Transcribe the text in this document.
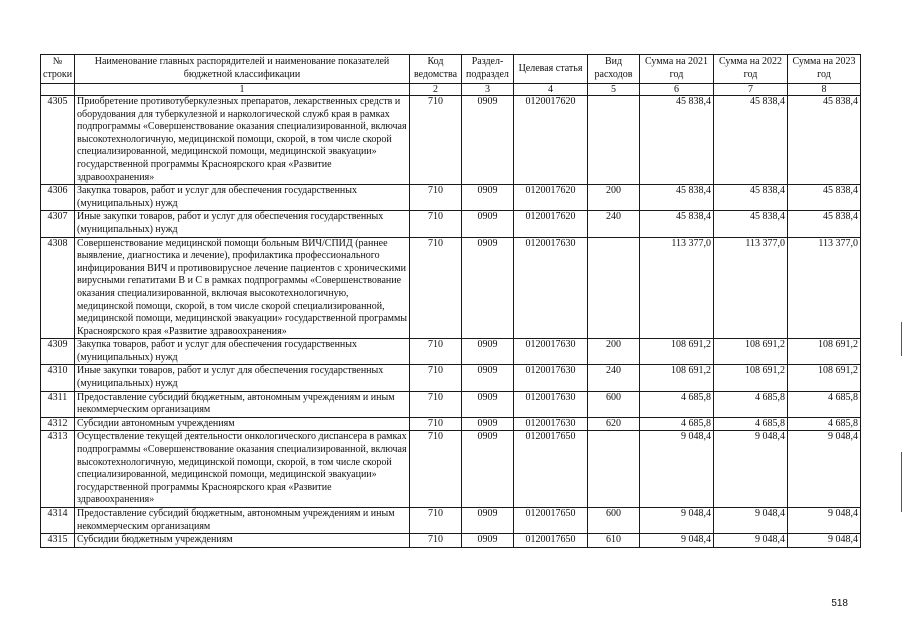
№ строки	Наименование главных распорядителей и наименование показателей бюджетной классификации	Код ведомства	Раздел-подраздел	Целевая статья	Вид расходов	Сумма на 2021 год	Сумма на 2022 год	Сумма на 2023 год
	1	2	3	4	5	6	7	8
4305	Приобретение противотуберкулезных препаратов, лекарственных средств и оборудования для туберкулезной и наркологической служб края в рамках подпрограммы «Совершенствование оказания специализированной, включая высокотехнологичную, медицинской помощи, скорой, в том числе скорой специализированной, медицинской помощи, медицинской эвакуации» государственной программы Красноярского края «Развитие здравоохранения»	710	0909	0120017620		45 838,4	45 838,4	45 838,4
4306	Закупка товаров, работ и услуг для обеспечения государственных (муниципальных) нужд	710	0909	0120017620	200	45 838,4	45 838,4	45 838,4
4307	Иные закупки товаров, работ и услуг для обеспечения государственных (муниципальных) нужд	710	0909	0120017620	240	45 838,4	45 838,4	45 838,4
4308	Совершенствование медицинской помощи больным ВИЧ/СПИД (раннее выявление, диагностика и лечение), профилактика профессионального инфицирования ВИЧ и противовирусное лечение пациентов с хроническими вирусными гепатитами В и С в рамках подпрограммы «Совершенствование оказания специализированной, включая высокотехнологичную, медицинской помощи, скорой, в том числе скорой специализированной, медицинской помощи, медицинской эвакуации» государственной программы Красноярского края «Развитие здравоохранения»	710	0909	0120017630		113 377,0	113 377,0	113 377,0
4309	Закупка товаров, работ и услуг для обеспечения государственных (муниципальных) нужд	710	0909	0120017630	200	108 691,2	108 691,2	108 691,2
4310	Иные закупки товаров, работ и услуг для обеспечения государственных (муниципальных) нужд	710	0909	0120017630	240	108 691,2	108 691,2	108 691,2
4311	Предоставление субсидий бюджетным, автономным учреждениям и иным некоммерческим организациям	710	0909	0120017630	600	4 685,8	4 685,8	4 685,8
4312	Субсидии автономным учреждениям	710	0909	0120017630	620	4 685,8	4 685,8	4 685,8
4313	Осуществление текущей деятельности онкологического диспансера в рамках подпрограммы «Совершенствование оказания специализированной, включая высокотехнологичную, медицинской помощи, скорой, в том числе скорой специализированной, медицинской помощи, медицинской эвакуации» государственной программы Красноярского края «Развитие здравоохранения»	710	0909	0120017650		9 048,4	9 048,4	9 048,4
4314	Предоставление субсидий бюджетным, автономным учреждениям и иным некоммерческим организациям	710	0909	0120017650	600	9 048,4	9 048,4	9 048,4
4315	Субсидии бюджетным учреждениям	710	0909	0120017650	610	9 048,4	9 048,4	9 048,4
518
